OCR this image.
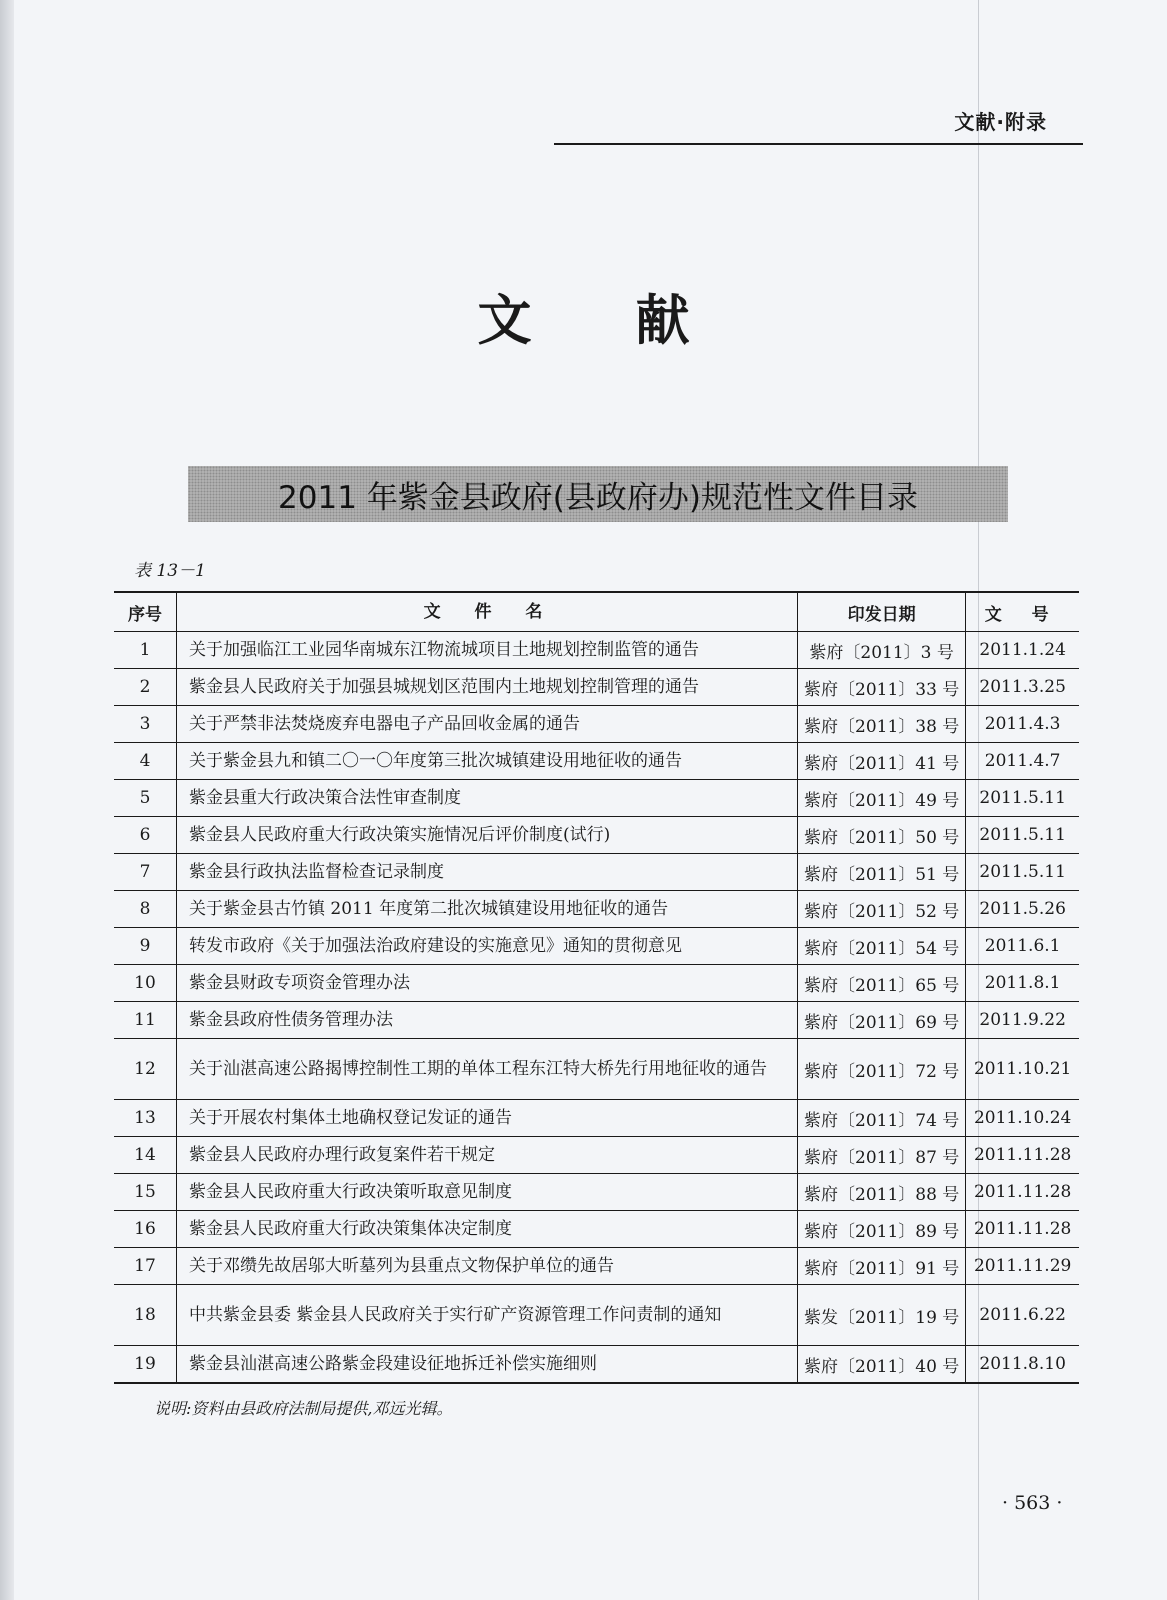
文献·附录
文 献
2011 年紫金县政府(县政府办)规范性文件目录
表 13－1
序号	文 件 名	印发日期	文 号
1	关于加强临江工业园华南城东江物流城项目土地规划控制监管的通告	紫府〔2011〕3 号	2011.1.24
2	紫金县人民政府关于加强县城规划区范围内土地规划控制管理的通告	紫府〔2011〕33 号	2011.3.25
3	关于严禁非法焚烧废弃电器电子产品回收金属的通告	紫府〔2011〕38 号	2011.4.3
4	关于紫金县九和镇二〇一〇年度第三批次城镇建设用地征收的通告	紫府〔2011〕41 号	2011.4.7
5	紫金县重大行政决策合法性审查制度	紫府〔2011〕49 号	2011.5.11
6	紫金县人民政府重大行政决策实施情况后评价制度(试行)	紫府〔2011〕50 号	2011.5.11
7	紫金县行政执法监督检查记录制度	紫府〔2011〕51 号	2011.5.11
8	关于紫金县古竹镇 2011 年度第二批次城镇建设用地征收的通告	紫府〔2011〕52 号	2011.5.26
9	转发市政府《关于加强法治政府建设的实施意见》通知的贯彻意见	紫府〔2011〕54 号	2011.6.1
10	紫金县财政专项资金管理办法	紫府〔2011〕65 号	2011.8.1
11	紫金县政府性债务管理办法	紫府〔2011〕69 号	2011.9.22
12	关于汕湛高速公路揭博控制性工期的单体工程东江特大桥先行用地征收的通告	紫府〔2011〕72 号	2011.10.21
13	关于开展农村集体土地确权登记发证的通告	紫府〔2011〕74 号	2011.10.24
14	紫金县人民政府办理行政复案件若干规定	紫府〔2011〕87 号	2011.11.28
15	紫金县人民政府重大行政决策听取意见制度	紫府〔2011〕88 号	2011.11.28
16	紫金县人民政府重大行政决策集体决定制度	紫府〔2011〕89 号	2011.11.28
17	关于邓缵先故居邬大昕墓列为县重点文物保护单位的通告	紫府〔2011〕91 号	2011.11.29
18	中共紫金县委 紫金县人民政府关于实行矿产资源管理工作问责制的通知	紫发〔2011〕19 号	2011.6.22
19	紫金县汕湛高速公路紫金段建设征地拆迁补偿实施细则	紫府〔2011〕40 号	2011.8.10
说明:资料由县政府法制局提供,邓远光辑。
· 563 ·
